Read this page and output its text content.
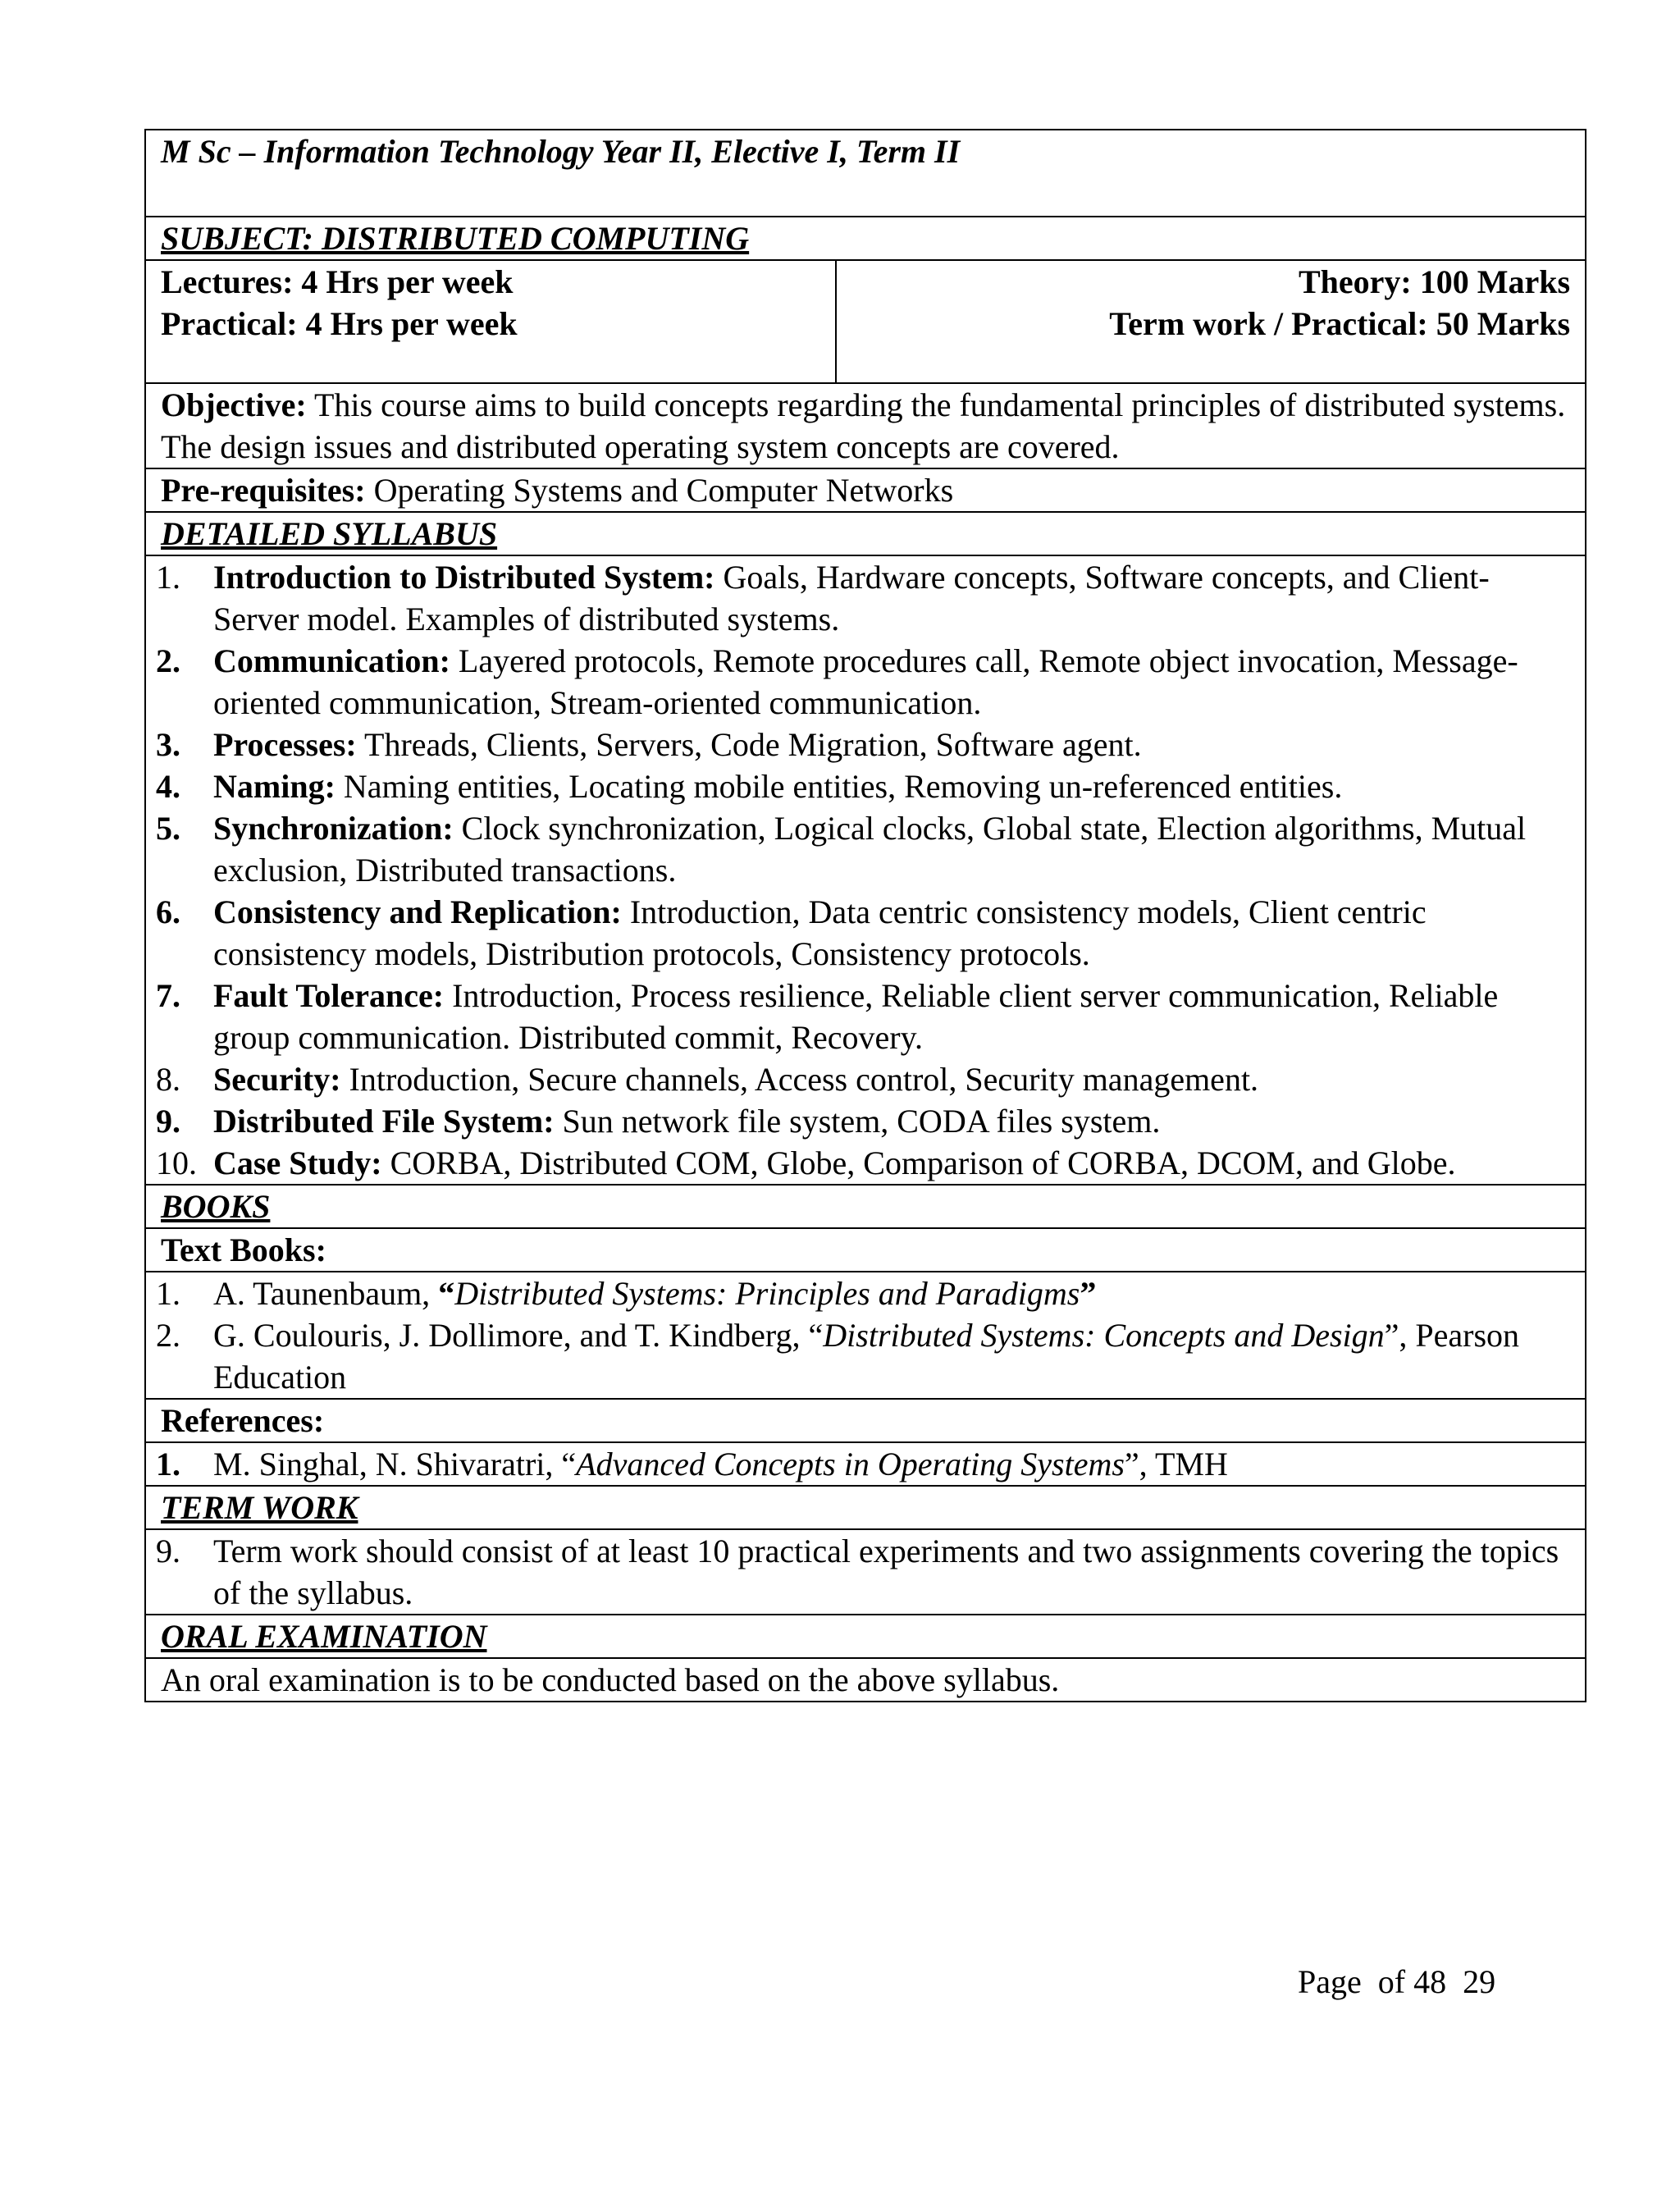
M Sc – Information Technology Year II, Elective I, Term II
SUBJECT: DISTRIBUTED COMPUTING

Lectures: 4 Hrs per week
Practical: 4 Hrs per week

Theory: 100 Marks
Term work / Practical: 50 Marks

Objective: This course aims to build concepts regarding the fundamental principles of distributed systems. The design issues and distributed operating system concepts are covered.
Pre-requisites: Operating Systems and Computer Networks
DETAILED SYLLABUS

1. Introduction to Distributed System: Goals, Hardware concepts, Software concepts, and Client-Server model. Examples of distributed systems.
2. Communication: Layered protocols, Remote procedures call, Remote object invocation, Message-oriented communication, Stream-oriented communication.
3. Processes: Threads, Clients, Servers, Code Migration, Software agent.
4. Naming: Naming entities, Locating mobile entities, Removing un-referenced entities.
5. Synchronization: Clock synchronization, Logical clocks, Global state, Election algorithms, Mutual exclusion, Distributed transactions.
6. Consistency and Replication: Introduction, Data centric consistency models, Client centric consistency models, Distribution protocols, Consistency protocols.
7. Fault Tolerance: Introduction, Process resilience, Reliable client server communication, Reliable group communication. Distributed commit, Recovery.
8. Security: Introduction, Secure channels, Access control, Security management.
9. Distributed File System: Sun network file system, CODA files system.
10. Case Study: CORBA, Distributed COM, Globe, Comparison of CORBA, DCOM, and Globe.

BOOKS
Text Books:

1. A. Taunenbaum, “Distributed Systems: Principles and Paradigms”
2. G. Coulouris, J. Dollimore, and T. Kindberg, “Distributed Systems: Concepts and Design”, Pearson Education

References:

1. M. Singhal, N. Shivaratri, “Advanced Concepts in Operating Systems”, TMH

TERM WORK

9. Term work should consist of at least 10 practical experiments and two assignments covering the topics of the syllabus.

ORAL EXAMINATION
An oral examination is to be conducted based on the above syllabus.
Page  of 48  29
